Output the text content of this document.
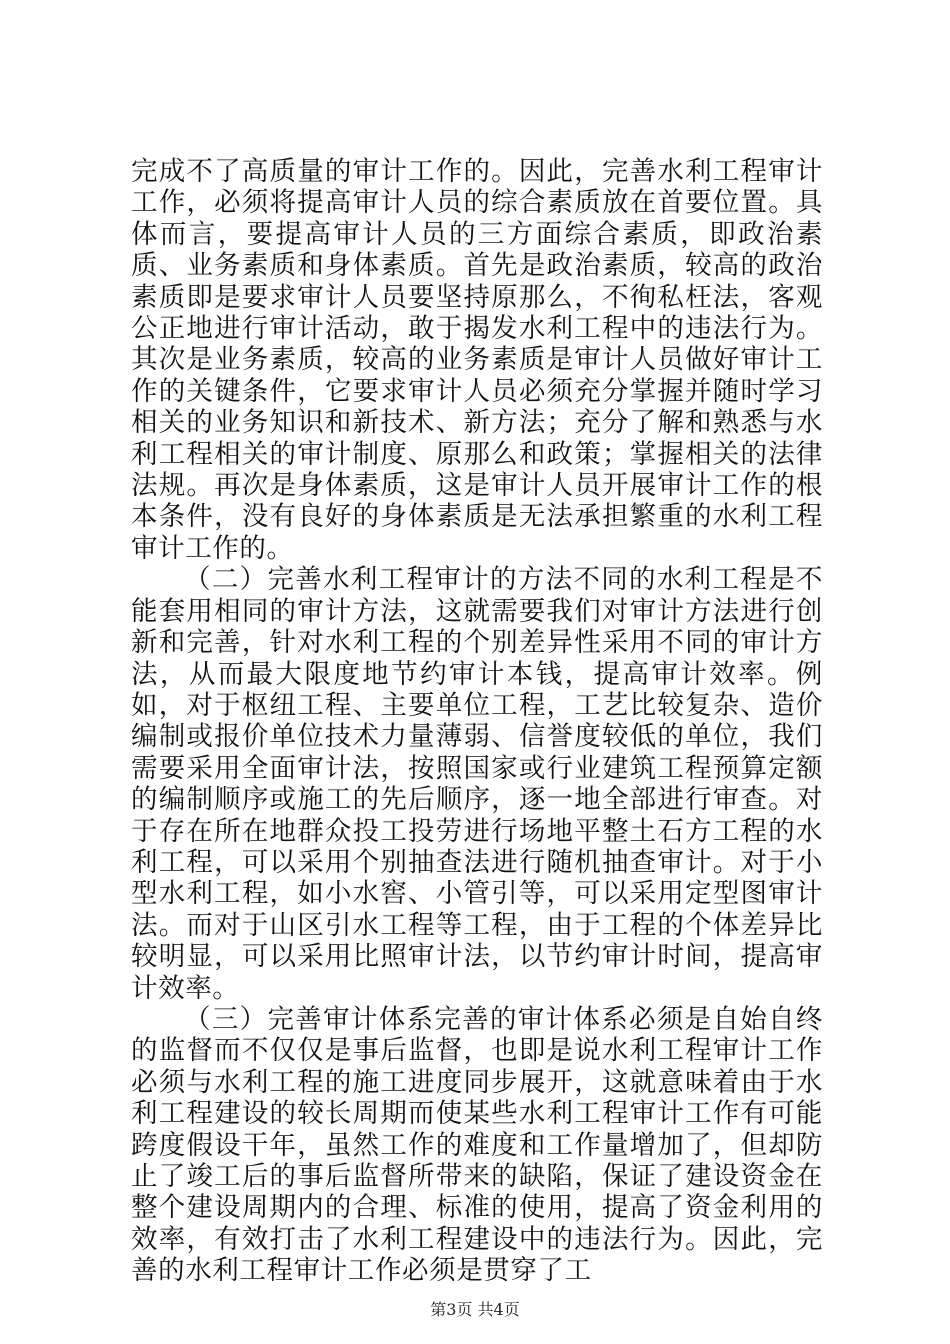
完成不了高质量的审计工作的。因此，完善水利工程审计工作，必须将提高审计人员的综合素质放在首要位置。具体而言，要提高审计人员的三方面综合素质，即政治素质、业务素质和身体素质。首先是政治素质，较高的政治素质即是要求审计人员要坚持原那么，不徇私枉法，客观公正地进行审计活动，敢于揭发水利工程中的违法行为。其次是业务素质，较高的业务素质是审计人员做好审计工作的关键条件，它要求审计人员必须充分掌握并随时学习相关的业务知识和新技术、新方法；充分了解和熟悉与水利工程相关的审计制度、原那么和政策；掌握相关的法律法规。再次是身体素质，这是审计人员开展审计工作的根本条件，没有良好的身体素质是无法承担繁重的水利工程审计工作的。

（二）完善水利工程审计的方法不同的水利工程是不能套用相同的审计方法，这就需要我们对审计方法进行创新和完善，针对水利工程的个别差异性采用不同的审计方法，从而最大限度地节约审计本钱，提高审计效率。例如，对于枢纽工程、主要单位工程，工艺比较复杂、造价编制或报价单位技术力量薄弱、信誉度较低的单位，我们需要采用全面审计法，按照国家或行业建筑工程预算定额的编制顺序或施工的先后顺序，逐一地全部进行审查。对于存在所在地群众投工投劳进行场地平整土石方工程的水利工程，可以采用个别抽查法进行随机抽查审计。对于小型水利工程，如小水窖、小管引等，可以采用定型图审计法。而对于山区引水工程等工程，由于工程的个体差异比较明显，可以采用比照审计法，以节约审计时间，提高审计效率。

（三）完善审计体系完善的审计体系必须是自始自终的监督而不仅仅是事后监督，也即是说水利工程审计工作必须与水利工程的施工进度同步展开，这就意味着由于水利工程建设的较长周期而使某些水利工程审计工作有可能跨度假设干年，虽然工作的难度和工作量增加了，但却防止了竣工后的事后监督所带来的缺陷，保证了建设资金在整个建设周期内的合理、标准的使用，提高了资金利用的效率，有效打击了水利工程建设中的违法行为。因此，完善的水利工程审计工作必须是贯穿了工

第3页 共4页
